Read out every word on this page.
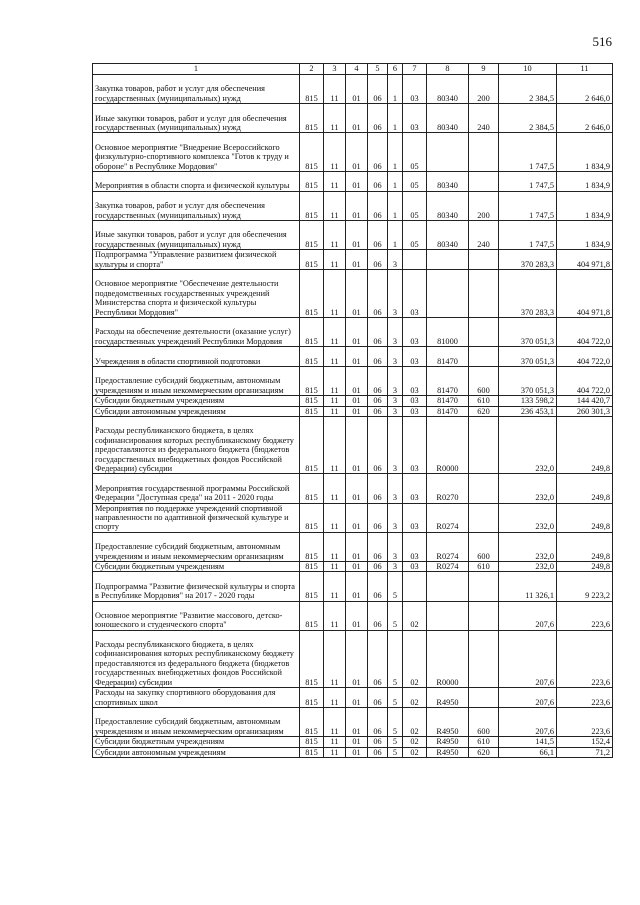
516
1	2	3	4	5	6	7	8	9	10	11
Закупка товаров, работ и услуг для обеспечения государственных (муниципальных) нужд	815	11	01	06	1	03	80340	200	2 384,5	2 646,0
Иные закупки товаров, работ и услуг для обеспечения государственных (муниципальных) нужд	815	11	01	06	1	03	80340	240	2 384,5	2 646,0
Основное мероприятие "Внедрение Всероссийского физкультурно-спортивного комплекса "Готов к труду и обороне" в Республике Мордовия"	815	11	01	06	1	05			1 747,5	1 834,9
Мероприятия в области спорта и физической культуры	815	11	01	06	1	05	80340		1 747,5	1 834,9
Закупка товаров, работ и услуг для обеспечения государственных (муниципальных) нужд	815	11	01	06	1	05	80340	200	1 747,5	1 834,9
Иные закупки товаров, работ и услуг для обеспечения государственных (муниципальных) нужд	815	11	01	06	1	05	80340	240	1 747,5	1 834,9
Подпрограмма "Управление развитием физической культуры и спорта"	815	11	01	06	3				370 283,3	404 971,8
Основное мероприятие "Обеспечение деятельности подведомственных государственных учреждений Министерства спорта и физической культуры Республики Мордовия"	815	11	01	06	3	03			370 283,3	404 971,8
Расходы на обеспечение деятельности (оказание услуг) государственных учреждений Республики Мордовия	815	11	01	06	3	03	81000		370 051,3	404 722,0
Учреждения в области спортивной подготовки	815	11	01	06	3	03	81470		370 051,3	404 722,0
Предоставление субсидий бюджетным, автономным учреждениям и иным некоммерческим организациям	815	11	01	06	3	03	81470	600	370 051,3	404 722,0
Субсидии бюджетным учреждениям	815	11	01	06	3	03	81470	610	133 598,2	144 420,7
Субсидии автономным учреждениям	815	11	01	06	3	03	81470	620	236 453,1	260 301,3
Расходы республиканского бюджета, в целях софинансирования которых республиканскому бюджету предоставляются из федерального бюджета (бюджетов государственных внебюджетных фондов Российской Федерации) субсидии	815	11	01	06	3	03	R0000		232,0	249,8
Мероприятия государственной программы Российской Федерации "Доступная среда" на 2011 - 2020 годы	815	11	01	06	3	03	R0270		232,0	249,8
Мероприятия по поддержке учреждений спортивной направленности по адаптивной физической культуре и спорту	815	11	01	06	3	03	R0274		232,0	249,8
Предоставление субсидий бюджетным, автономным учреждениям и иным некоммерческим организациям	815	11	01	06	3	03	R0274	600	232,0	249,8
Субсидии бюджетным учреждениям	815	11	01	06	3	03	R0274	610	232,0	249,8
Подпрограмма "Развитие физической культуры и спорта в Республике Мордовия" на 2017 - 2020 годы	815	11	01	06	5				11 326,1	9 223,2
Основное мероприятие "Развитие массового, детско-юношеского и студенческого спорта"	815	11	01	06	5	02			207,6	223,6
Расходы республиканского бюджета, в целях софинансирования которых республиканскому бюджету предоставляются из федерального бюджета (бюджетов государственных внебюджетных фондов Российской Федерации) субсидии	815	11	01	06	5	02	R0000		207,6	223,6
Расходы на закупку спортивного оборудования для спортивных школ	815	11	01	06	5	02	R4950		207,6	223,6
Предоставление субсидий бюджетным, автономным учреждениям и иным некоммерческим организациям	815	11	01	06	5	02	R4950	600	207,6	223,6
Субсидии бюджетным учреждениям	815	11	01	06	5	02	R4950	610	141,5	152,4
Субсидии автономным учреждениям	815	11	01	06	5	02	R4950	620	66,1	71,2
